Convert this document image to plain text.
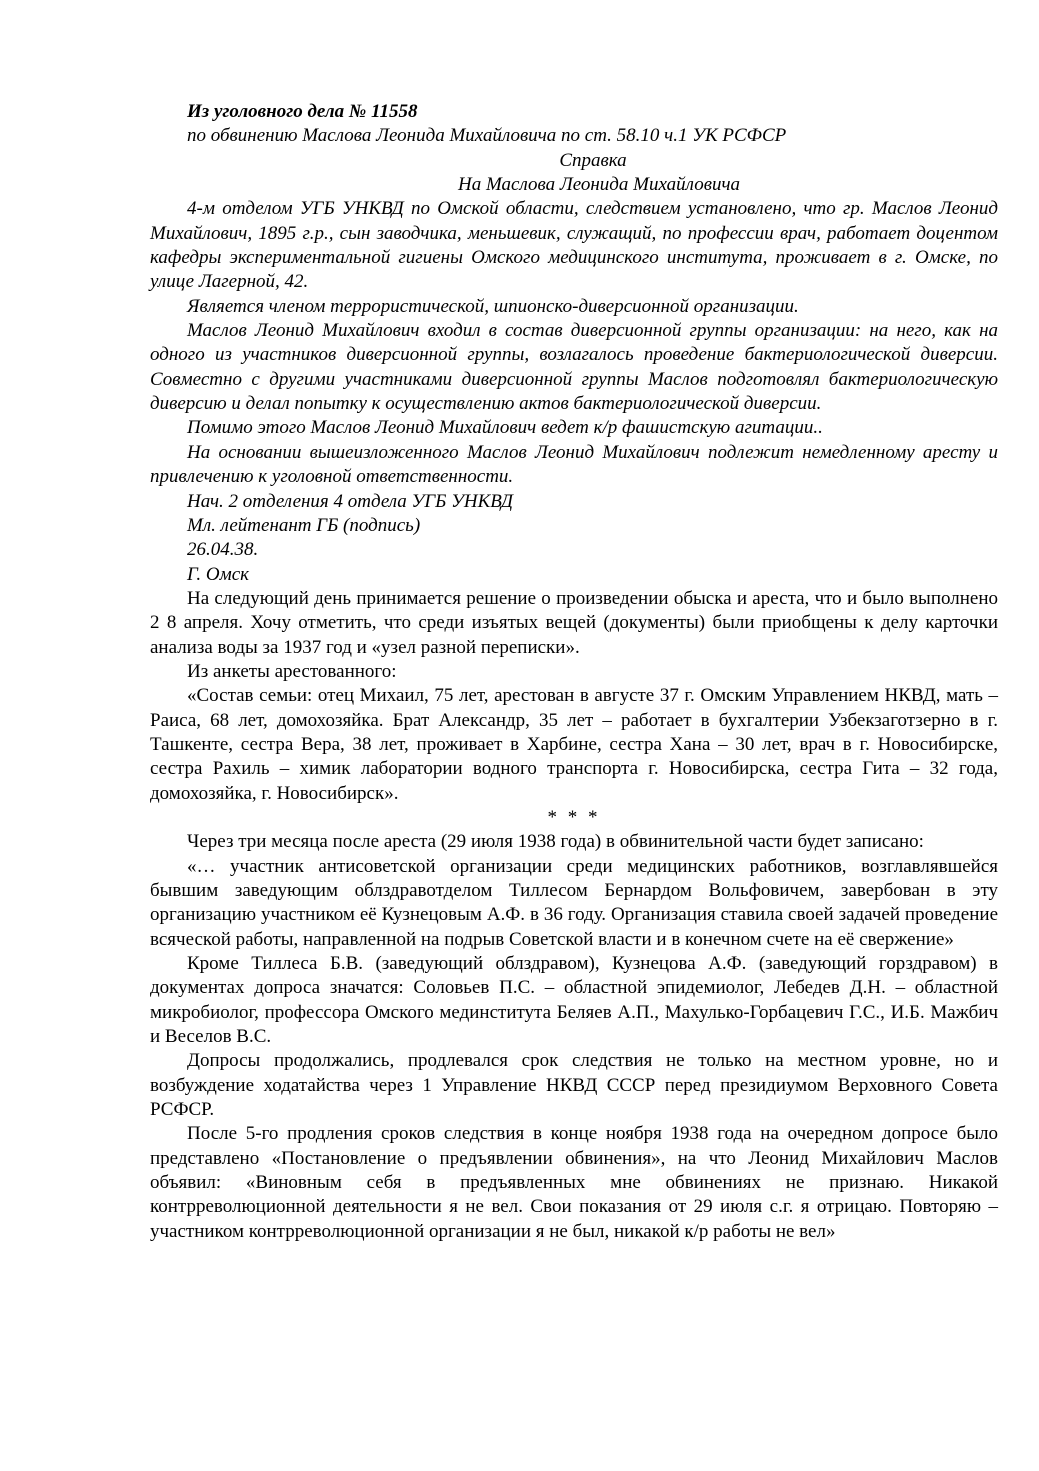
Из уголовного дела № 11558

по обвинению Маслова Леонида Михайловича по ст. 58.10 ч.1 УК РСФСР

Справка
На Маслова Леонида Михайловича

4-м отделом УГБ УНКВД по Омской области, следствием установлено, что гр. Маслов Леонид Михайлович, 1895 г.р., сын заводчика, меньшевик, служащий, по профессии врач, работает доцентом кафедры экспериментальной гигиены Омского медицинского института, проживает в г. Омске, по улице Лагерной, 42.

Является членом террористической, шпионско-диверсионной организации.

Маслов Леонид Михайлович входил в состав диверсионной группы организации: на него, как на одного из участников диверсионной группы, возлагалось проведение бактериологической диверсии. Совместно с другими участниками диверсионной группы Маслов подготовлял бактериологическую диверсию и делал попытку к осуществлению актов бактериологической диверсии.

Помимо этого Маслов Леонид Михайлович ведет к/р фашистскую агитации..

На основании вышеизложенного Маслов Леонид Михайлович подлежит немедленному аресту и привлечению к уголовной ответственности.

Нач. 2 отделения 4 отдела УГБ УНКВД

Мл. лейтенант ГБ (подпись)

26.04.38.

Г. Омск

На следующий день принимается решение о произведении обыска и ареста, что и было выполнено 2 8 апреля. Хочу отметить, что среди изъятых вещей (документы) были приобщены к делу карточки анализа воды за 1937 год и «узел разной переписки».

Из анкеты арестованного:

«Состав семьи: отец Михаил, 75 лет, арестован в августе 37 г. Омским Управлением НКВД, мать – Раиса, 68 лет, домохозяйка. Брат Александр, 35 лет – работает в бухгалтерии Узбекзаготзерно в г. Ташкенте, сестра Вера, 38 лет, проживает в Харбине, сестра Хана – 30 лет, врач в г. Новосибирске, сестра Рахиль – химик лаборатории водного транспорта г. Новосибирска, сестра Гита – 32 года, домохозяйка, г. Новосибирск».

* * *

Через три месяца после ареста (29 июля 1938 года) в обвинительной части будет записано:

«… участник антисоветской организации среди медицинских работников, возглавлявшейся бывшим заведующим облздравотделом Тиллесом Бернардом Вольфовичем, завербован в эту организацию участником её Кузнецовым А.Ф. в 36 году. Организация ставила своей задачей проведение всяческой работы, направленной на подрыв Советской власти и в конечном счете на её свержение»

Кроме Тиллеса Б.В. (заведующий облздравом), Кузнецова А.Ф. (заведующий горздравом) в документах допроса значатся: Соловьев П.С. – областной эпидемиолог, Лебедев Д.Н. – областной микробиолог, профессора Омского мединститута Беляев А.П., Махулько-Горбацевич Г.С., И.Б. Мажбич и Веселов В.С.

Допросы продолжались, продлевался срок следствия не только на местном уровне, но и возбуждение ходатайства через 1 Управление НКВД СССР перед президиумом Верховного Совета РСФСР.

После 5-го продления сроков следствия в конце ноября 1938 года на очередном допросе было представлено «Постановление о предъявлении обвинения», на что Леонид Михайлович Маслов объявил: «Виновным себя в предъявленных мне обвинениях не признаю. Никакой контрреволюционной деятельности я не вел. Свои показания от 29 июля с.г. я отрицаю. Повторяю – участником контрреволюционной организации я не был, никакой к/р работы не вел»
